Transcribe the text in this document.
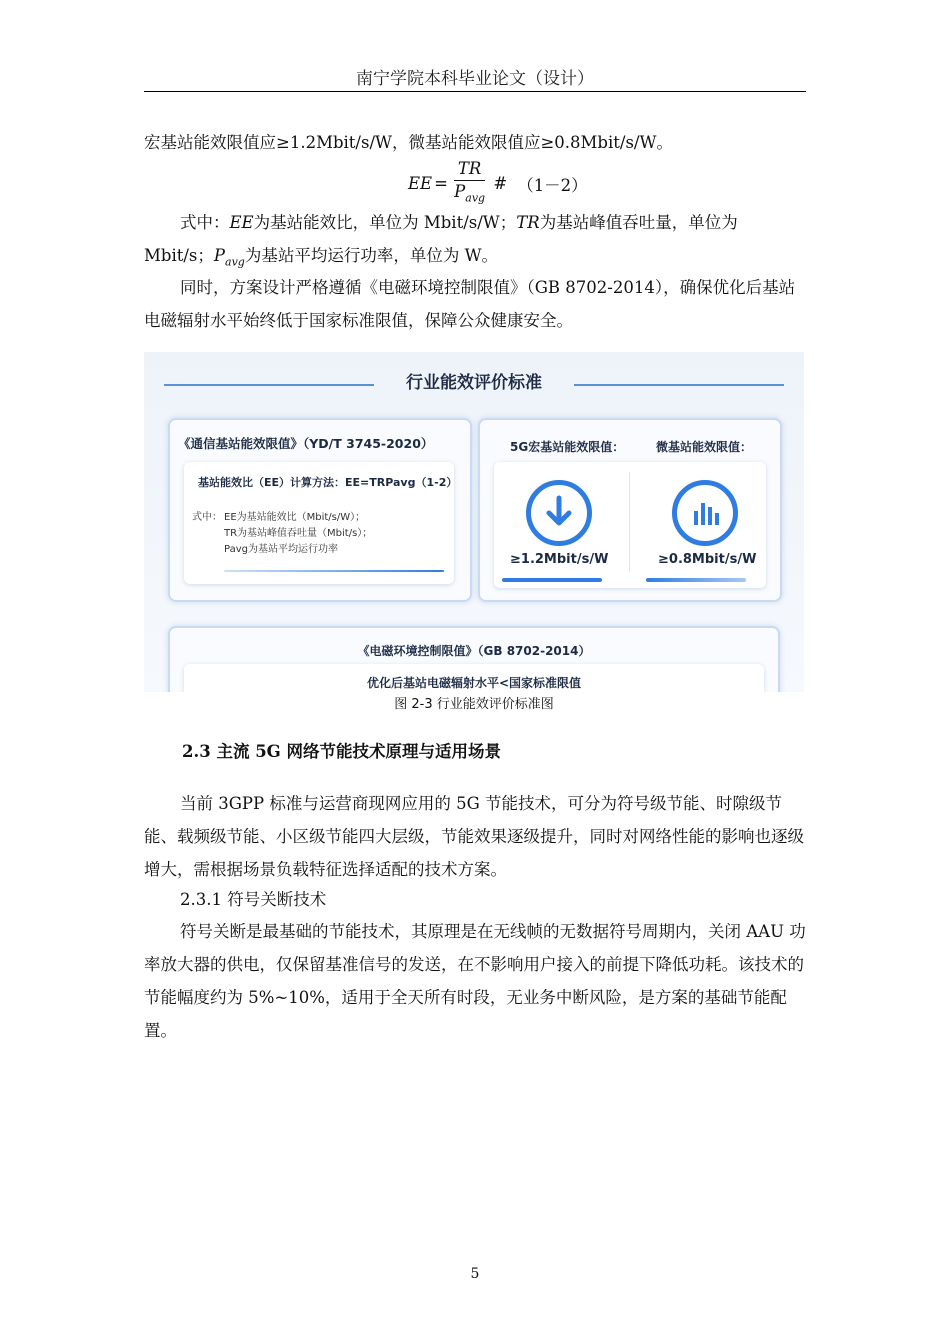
南宁学院本科毕业论文（设计）
宏基站能效限值应≥1.2Mbit/s/W，微基站能效限值应≥0.8Mbit/s/W。
EE = $\frac{TR}{P_{avg}}$ # （1－2）
式中：EE为基站能效比，单位为 Mbit/s/W；TR为基站峰值吞吐量，单位为Mbit/s；$P_{avg}$为基站平均运行功率，单位为 W。
同时，方案设计严格遵循《电磁环境控制限值》（GB 8702-2014），确保优化后基站电磁辐射水平始终低于国家标准限值，保障公众健康安全。
行业能效评价标准
《通信基站能效限值》（YD/T 3745-2020）
基站能效比（EE）计算方法：EE=TRPavg（1-2）
式中： EE为基站能效比（Mbit/s/W）；
TR为基站峰值吞吐量（Mbit/s）；
Pavg为基站平均运行功率
5G宏基站能效限值：	微基站能效限值：
≥1.2Mbit/s/W	≥0.8Mbit/s/W
《电磁环境控制限值》（GB 8702-2014）
优化后基站电磁辐射水平<国家标准限值
图 2-3 行业能效评价标准图
2.3 主流 5G 网络节能技术原理与适用场景
当前 3GPP 标准与运营商现网应用的 5G 节能技术，可分为符号级节能、时隙级节能、载频级节能、小区级节能四大层级，节能效果逐级提升，同时对网络性能的影响也逐级增大，需根据场景负载特征选择适配的技术方案。
2.3.1 符号关断技术
符号关断是最基础的节能技术，其原理是在无线帧的无数据符号周期内，关闭 AAU 功率放大器的供电，仅保留基准信号的发送，在不影响用户接入的前提下降低功耗。该技术的节能幅度约为 5%~10%，适用于全天所有时段，无业务中断风险，是方案的基础节能配置。
5
